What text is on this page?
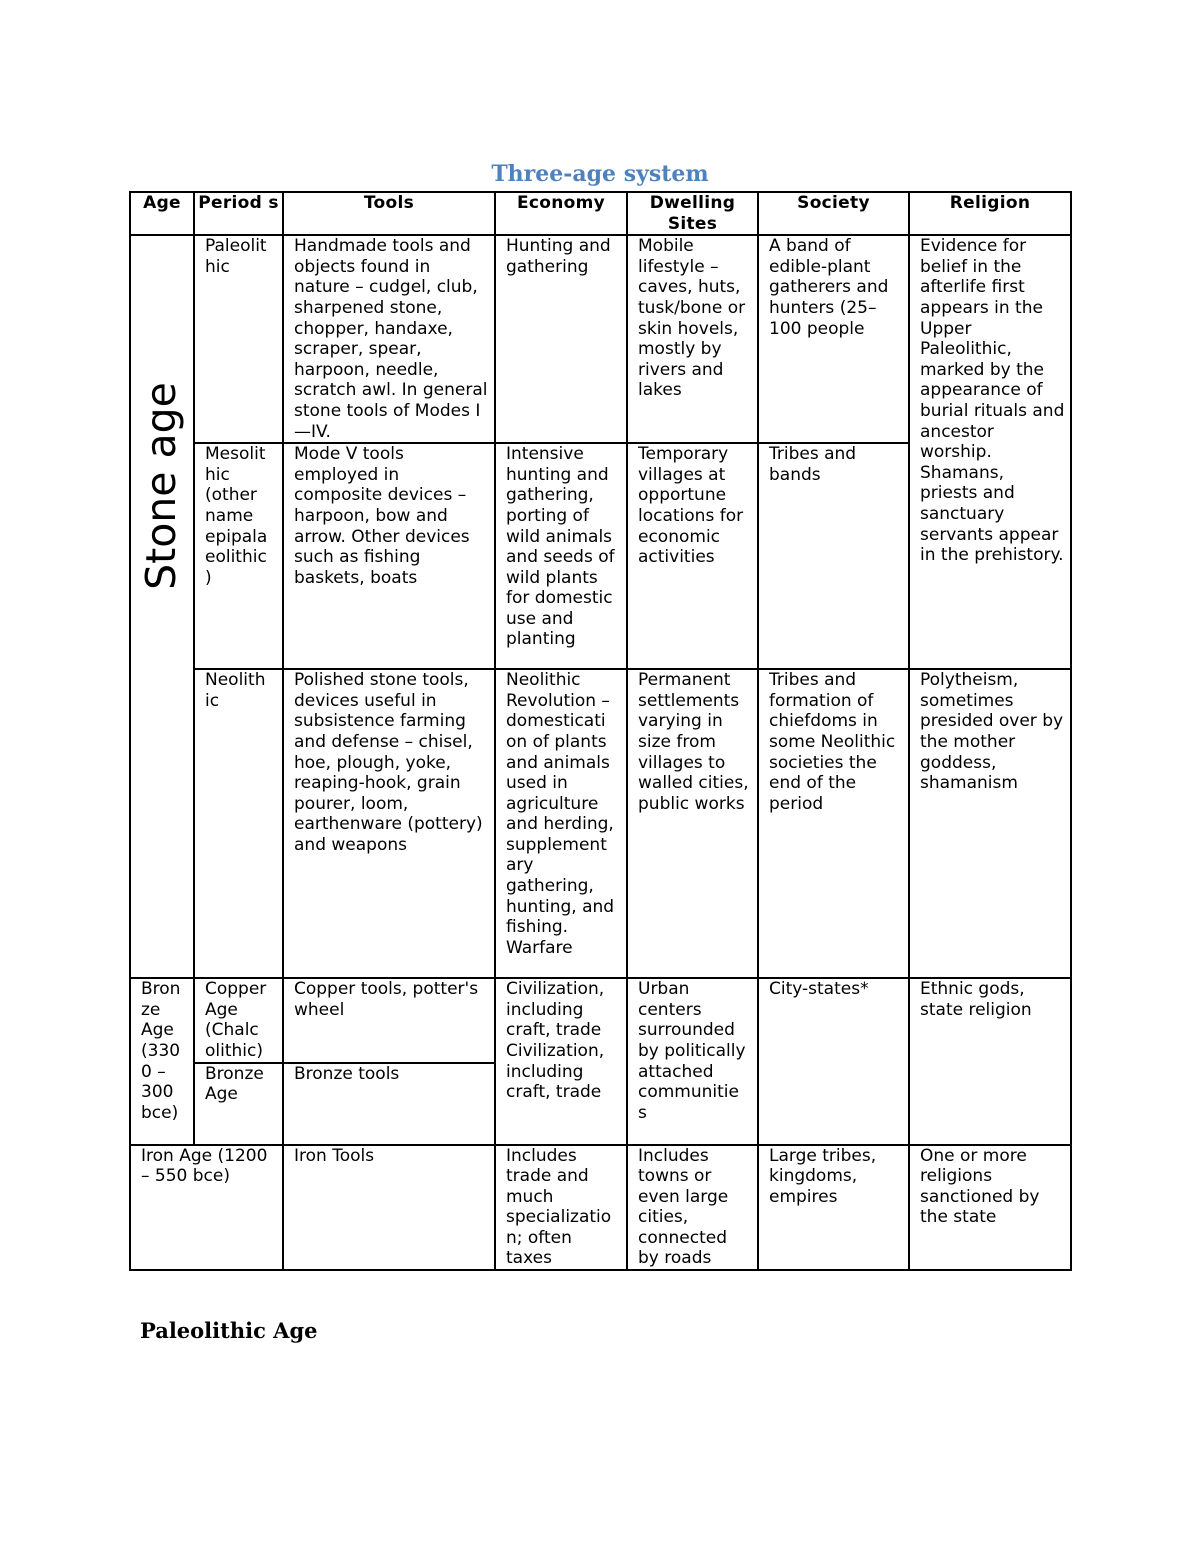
Three-age system
Age	Period s	Tools	Economy	Dwelling Sites	Society	Religion

Stone age	Paleolit hic	Handmade tools and objects found in nature – cudgel, club, sharpened stone, chopper, handaxe, scraper, spear, harpoon, needle, scratch awl. In general stone tools of Modes I—IV.	Hunting and gathering	Mobile lifestyle – caves, huts, tusk/bone or skin hovels, mostly by rivers and lakes	A band of edible-plant gatherers and hunters (25–100 people	Evidence for belief in the afterlife first appears in the Upper Paleolithic, marked by the appearance of burial rituals and ancestor worship. Shamans, priests and sanctuary servants appear in the prehistory.
	Mesolit hic (other name epipala eolithic )	Mode V tools employed in composite devices – harpoon, bow and arrow. Other devices such as fishing baskets, boats	Intensive hunting and gathering, porting of wild animals and seeds of wild plants for domestic use and planting	Temporary villages at opportune locations for economic activities	Tribes and bands	
	Neolith ic	Polished stone tools, devices useful in subsistence farming and defense – chisel, hoe, plough, yoke, reaping-hook, grain pourer, loom, earthenware (pottery) and weapons	Neolithic Revolution – domesticati on of plants and animals used in agriculture and herding, supplement ary gathering, hunting, and fishing. Warfare	Permanent settlements varying in size from villages to walled cities, public works	Tribes and formation of chiefdoms in some Neolithic societies the end of the period	Polytheism, sometimes presided over by the mother goddess, shamanism
Bron ze Age (330 0 – 300 bce)	Copper Age (Chalc olithic)	Copper tools, potter's wheel	Civilization, including craft, trade Civilization, including craft, trade	Urban centers surrounded by politically attached communitie s	City-states*	Ethnic gods, state religion
	Bronze Age	Bronze tools				
Iron Age (1200 – 550 bce)		Iron Tools	Includes trade and much specializatio n; often taxes	Includes towns or even large cities, connected by roads	Large tribes, kingdoms, empires	One or more religions sanctioned by the state
Paleolithic Age
